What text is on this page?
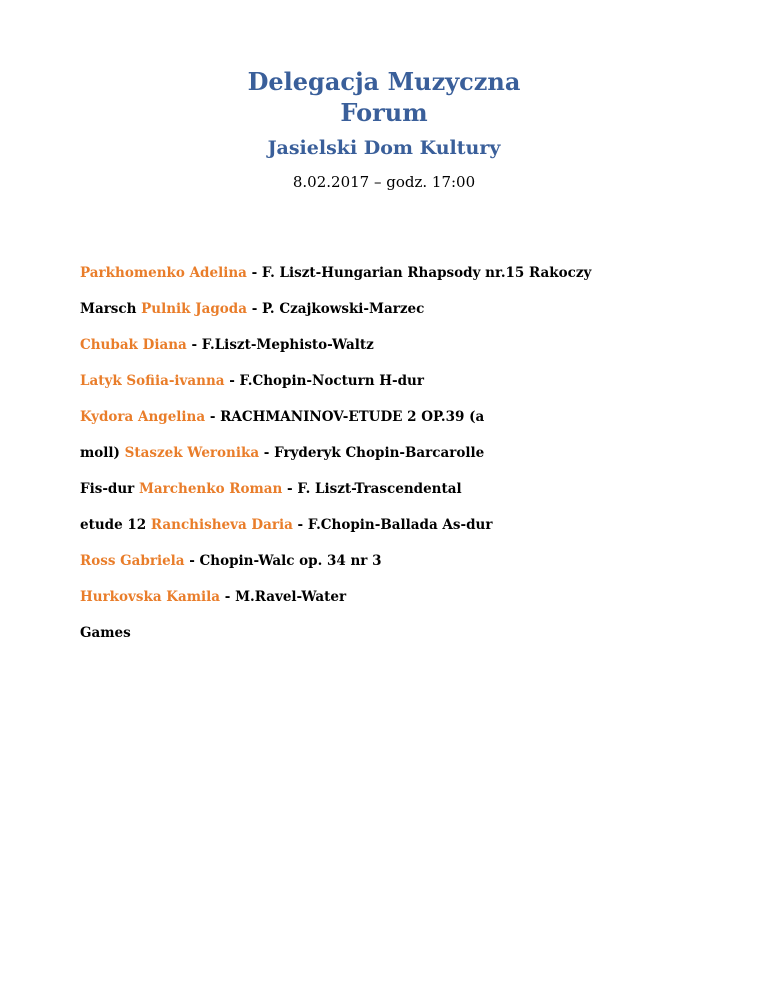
Delegacja Muzyczna
Forum
Jasielski Dom Kultury
8.02.2017 – godz. 17:00
Parkhomenko Adelina - F. Liszt-Hungarian Rhapsody nr.15 Rakoczy
Marsch Pulnik Jagoda - P. Czajkowski-Marzec
Chubak Diana - F.Liszt-Mephisto-Waltz
Latyk Sofiia-ivanna - F.Chopin-Nocturn H-dur
Kydora Angelina - RACHMANINOV-ETUDE 2 OP.39 (a
moll) Staszek Weronika - Fryderyk Chopin-Barcarolle
Fis-dur Marchenko Roman - F. Liszt-Trascendental
etude 12 Ranchisheva Daria - F.Chopin-Ballada As-dur
Ross Gabriela - Chopin-Walc op. 34 nr 3
Hurkovska Kamila - M.Ravel-Water
Games
